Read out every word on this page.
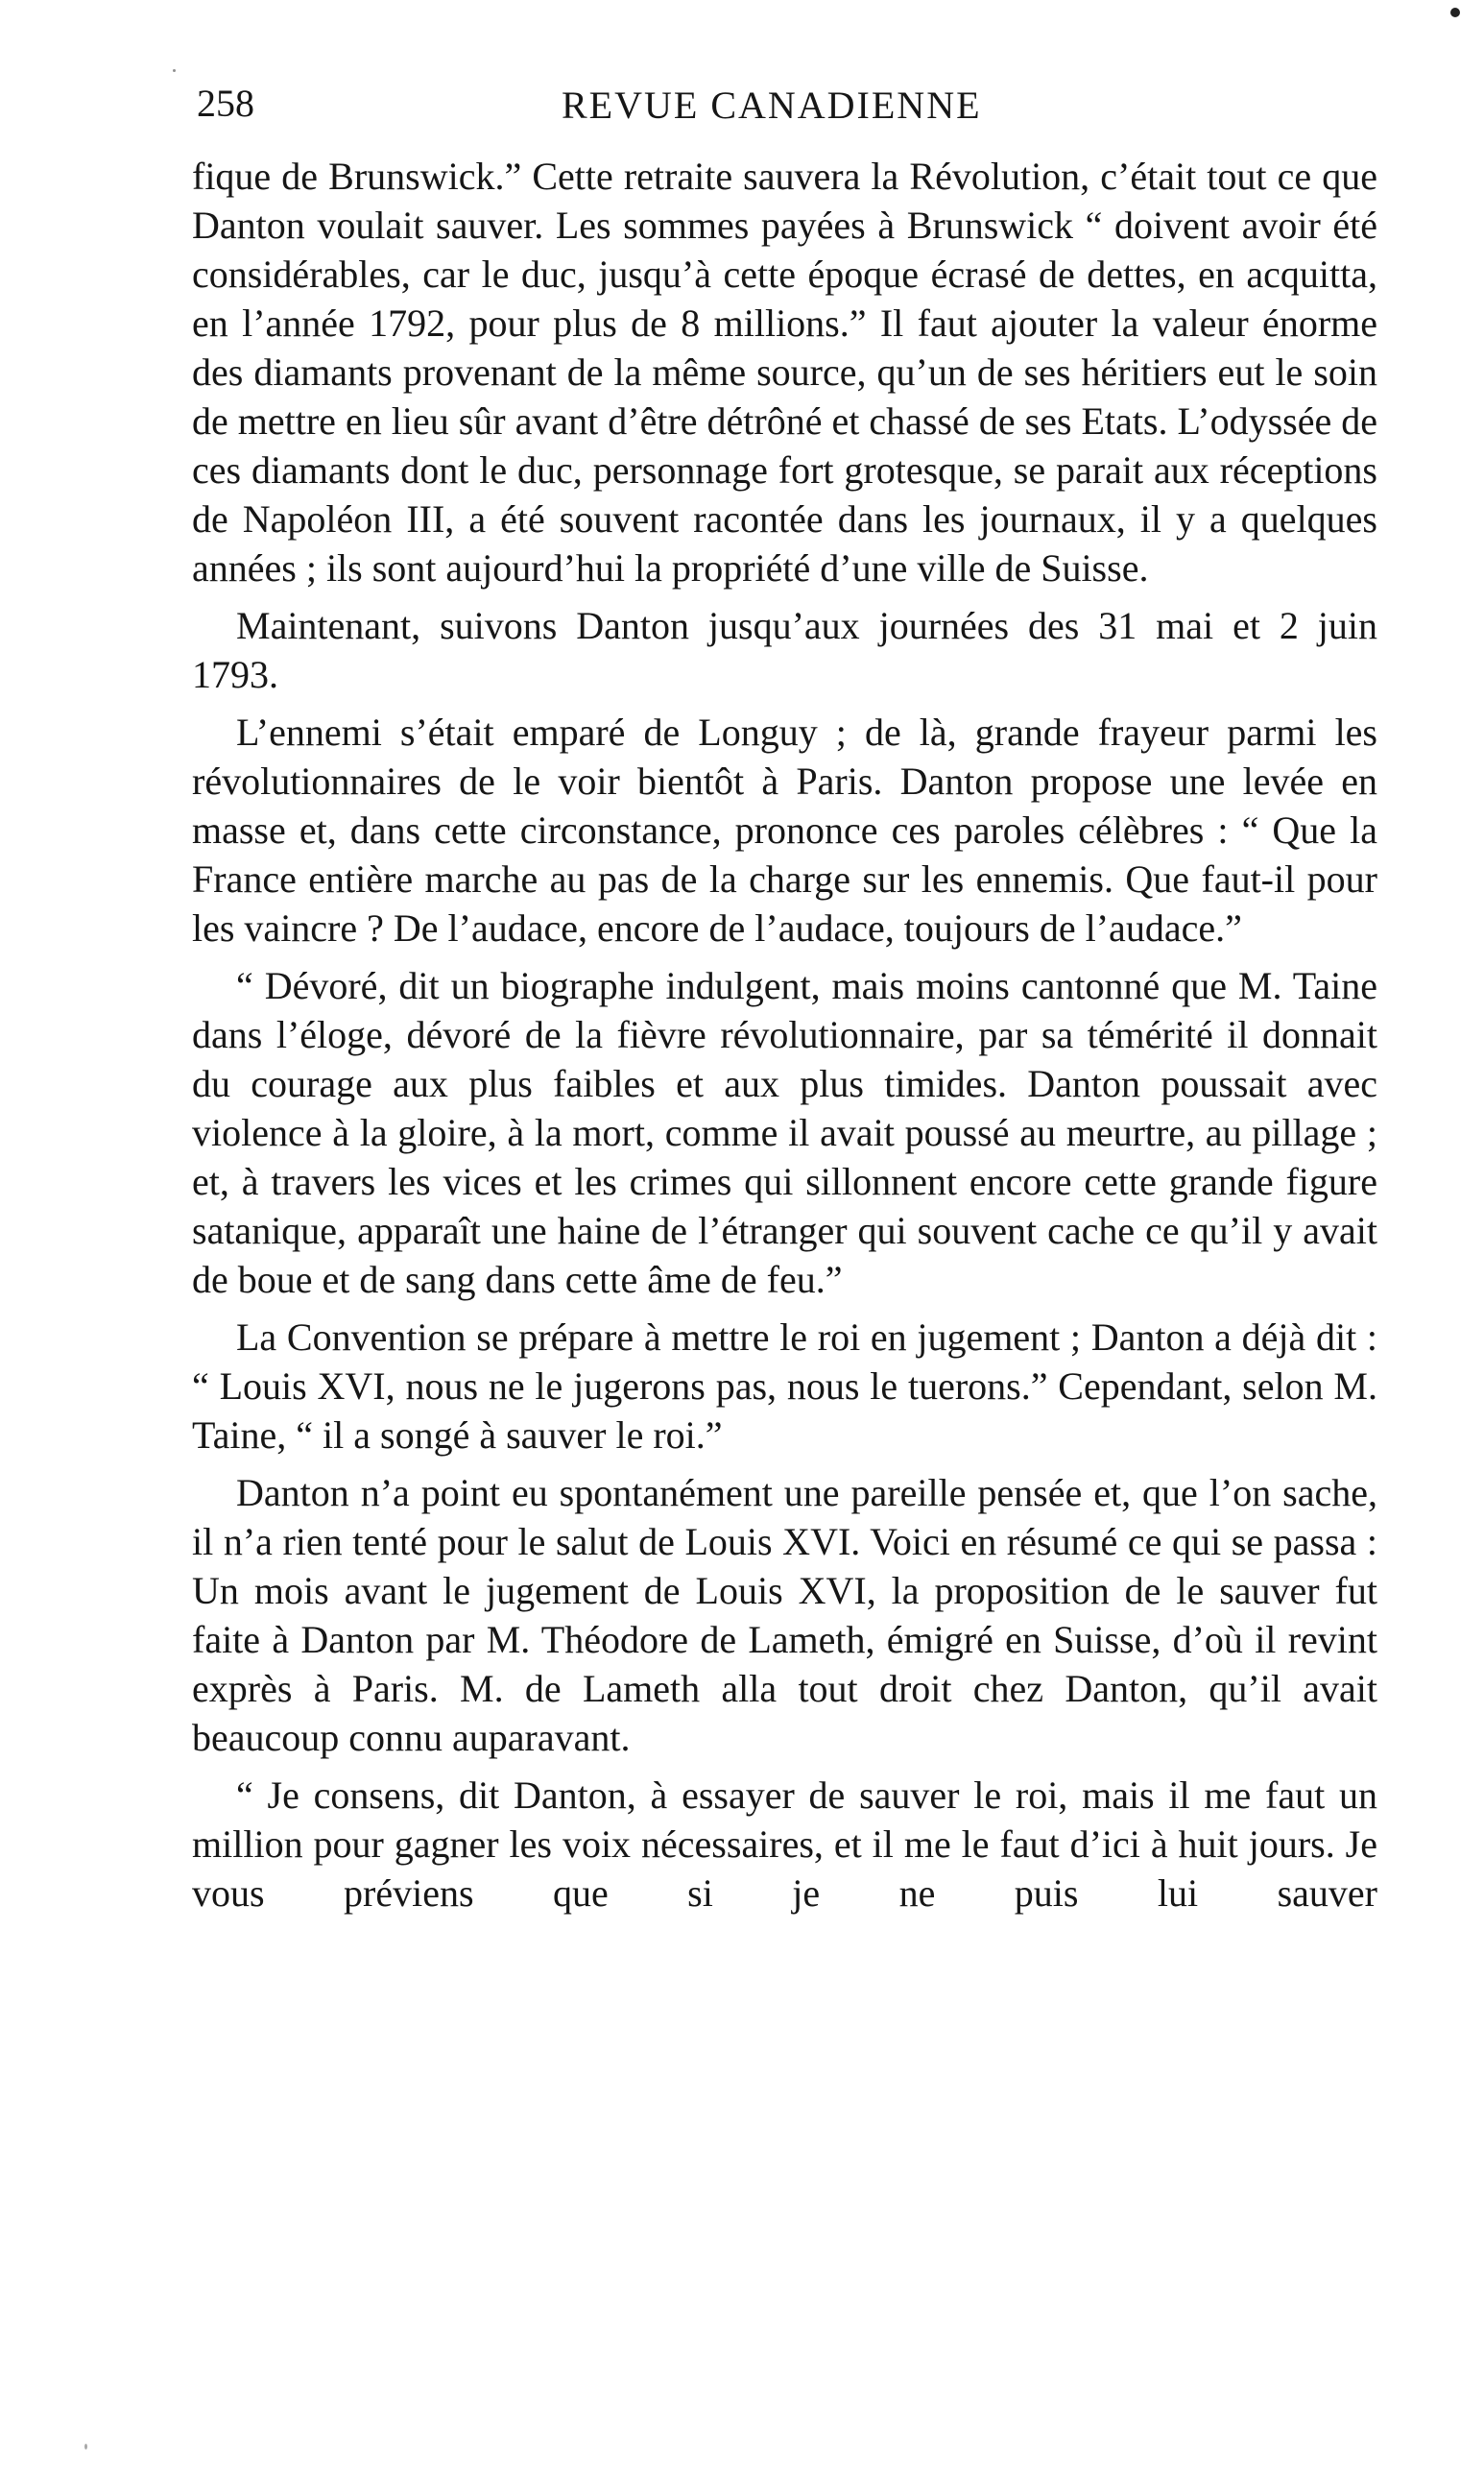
258	REVUE CANADIENNE

fique de Brunswick.” Cette retraite sauvera la Révolution, c’était tout ce que Danton voulait sauver. Les sommes payées à Brunswick “ doivent avoir été considérables, car le duc, jusqu’à cette époque écrasé de dettes, en acquitta, en l’année 1792, pour plus de 8 millions.” Il faut ajouter la valeur énorme des diamants provenant de la même source, qu’un de ses héritiers eut le soin de mettre en lieu sûr avant d’être détrôné et chassé de ses Etats. L’odyssée de ces diamants dont le duc, personnage fort grotesque, se parait aux réceptions de Napoléon III, a été souvent racontée dans les journaux, il y a quelques années ; ils sont aujourd’hui la propriété d’une ville de Suisse.

Maintenant, suivons Danton jusqu’aux journées des 31 mai et 2 juin 1793.

L’ennemi s’était emparé de Longuy ; de là, grande frayeur parmi les révolutionnaires de le voir bientôt à Paris. Danton propose une levée en masse et, dans cette circonstance, prononce ces paroles célèbres : “ Que la France entière marche au pas de la charge sur les ennemis. Que faut-il pour les vaincre ? De l’audace, encore de l’audace, toujours de l’audace.”

“ Dévoré, dit un biographe indulgent, mais moins cantonné que M. Taine dans l’éloge, dévoré de la fièvre révolutionnaire, par sa témérité il donnait du courage aux plus faibles et aux plus timides. Danton poussait avec violence à la gloire, à la mort, comme il avait poussé au meurtre, au pillage ; et, à travers les vices et les crimes qui sillonnent encore cette grande figure satanique, apparaît une haine de l’étranger qui souvent cache ce qu’il y avait de boue et de sang dans cette âme de feu.”

La Convention se prépare à mettre le roi en jugement ; Danton a déjà dit : “ Louis XVI, nous ne le jugerons pas, nous le tuerons.” Cependant, selon M. Taine, “ il a songé à sauver le roi.”

Danton n’a point eu spontanément une pareille pensée et, que l’on sache, il n’a rien tenté pour le salut de Louis XVI. Voici en résumé ce qui se passa : Un mois avant le jugement de Louis XVI, la proposition de le sauver fut faite à Danton par M. Théodore de Lameth, émigré en Suisse, d’où il revint exprès à Paris. M. de Lameth alla tout droit chez Danton, qu’il avait beaucoup connu auparavant.

“ Je consens, dit Danton, à essayer de sauver le roi, mais il me faut un million pour gagner les voix nécessaires, et il me le faut d’ici à huit jours. Je vous préviens que si je ne puis lui sauver
